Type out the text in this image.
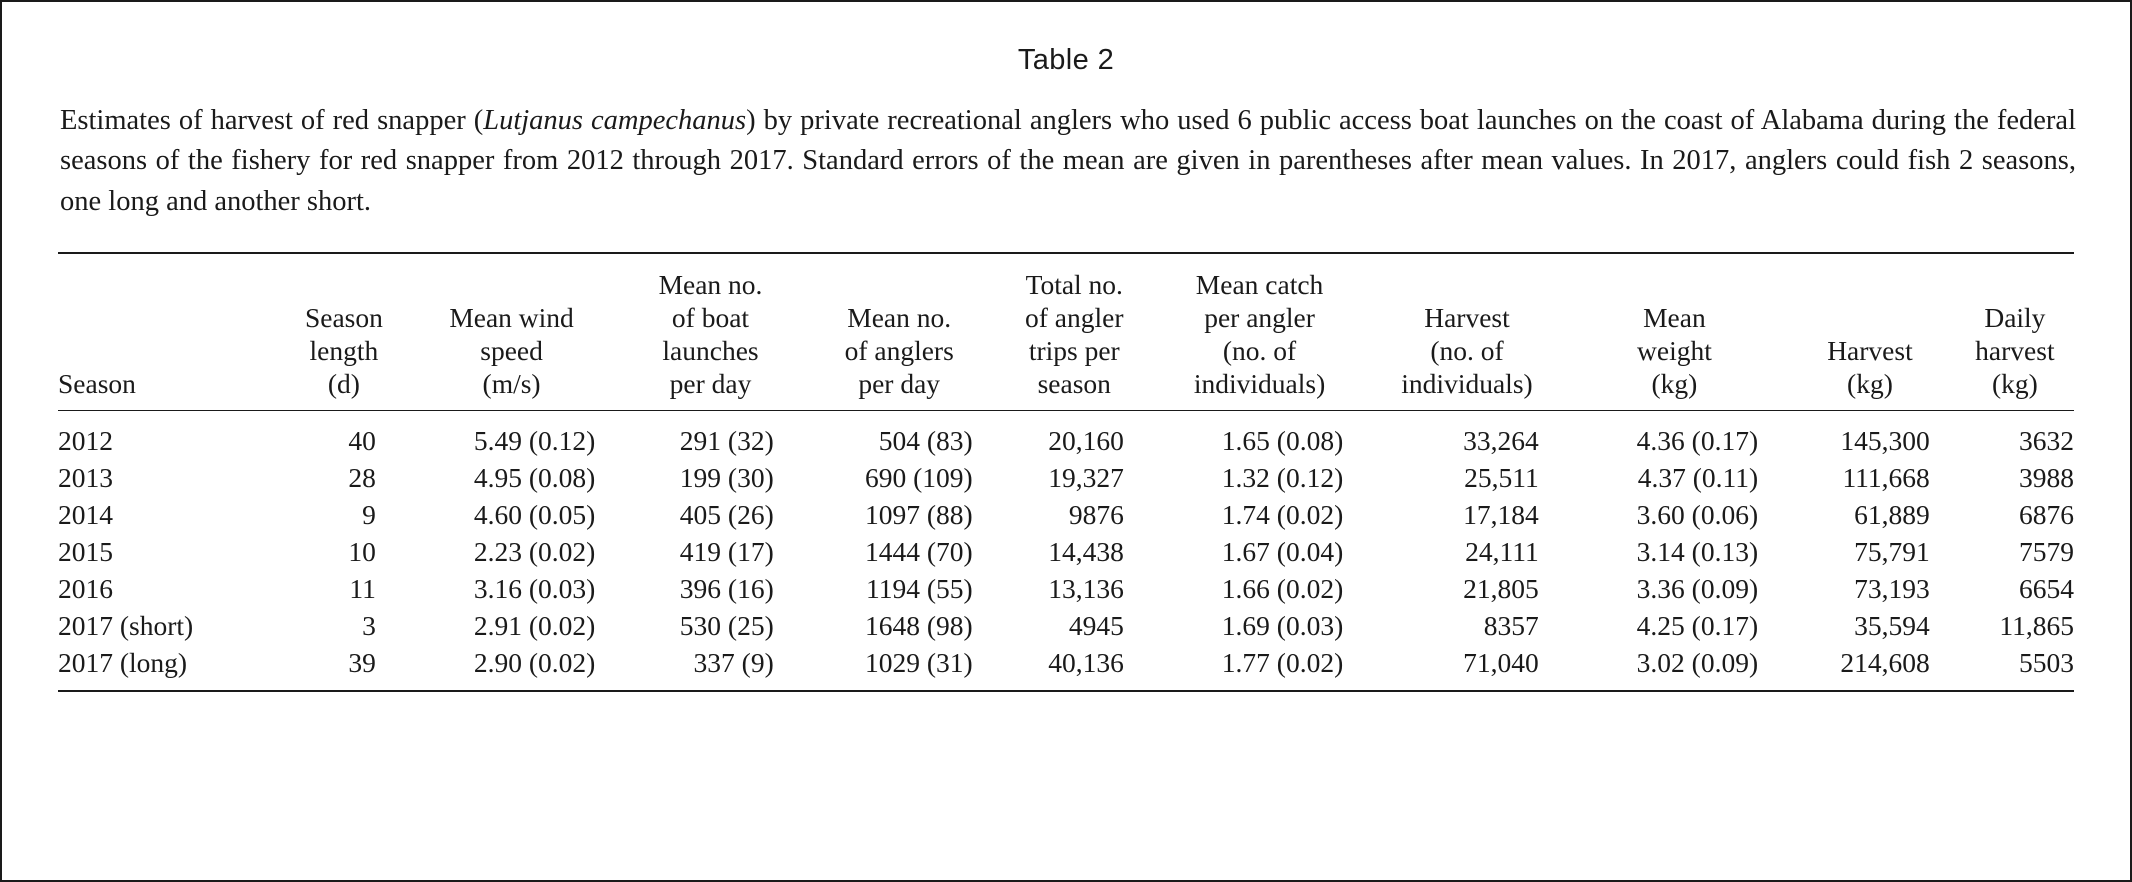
Table 2

Estimates of harvest of red snapper (Lutjanus campechanus) by private recreational anglers who used 6 public access boat launches on the coast of Alabama during the federal seasons of the fishery for red snapper from 2012 through 2017. Standard errors of the mean are given in parentheses after mean values. In 2017, anglers could fish 2 seasons, one long and another short.

Season

Season
length
(d)

Mean wind
speed
(m/s)

Mean no.
of boat
launches
per day

Mean no.
of anglers
per day

Total no.
of angler
trips per
season

Mean catch
per angler
(no. of
individuals)

Harvest
(no. of
individuals)

Mean
weight
(kg)

Harvest
(kg)

Daily
harvest
(kg)

2012	40	5.49 (0.12)	291 (32)	504 (83)	20,160	1.65 (0.08)	33,264	4.36 (0.17)	145,300	3632
2013	28	4.95 (0.08)	199 (30)	690 (109)	19,327	1.32 (0.12)	25,511	4.37 (0.11)	111,668	3988
2014	9	4.60 (0.05)	405 (26)	1097 (88)	9876	1.74 (0.02)	17,184	3.60 (0.06)	61,889	6876
2015	10	2.23 (0.02)	419 (17)	1444 (70)	14,438	1.67 (0.04)	24,111	3.14 (0.13)	75,791	7579
2016	11	3.16 (0.03)	396 (16)	1194 (55)	13,136	1.66 (0.02)	21,805	3.36 (0.09)	73,193	6654
2017 (short)	3	2.91 (0.02)	530 (25)	1648 (98)	4945	1.69 (0.03)	8357	4.25 (0.17)	35,594	11,865
2017 (long)	39	2.90 (0.02)	337 (9)	1029 (31)	40,136	1.77 (0.02)	71,040	3.02 (0.09)	214,608	5503
